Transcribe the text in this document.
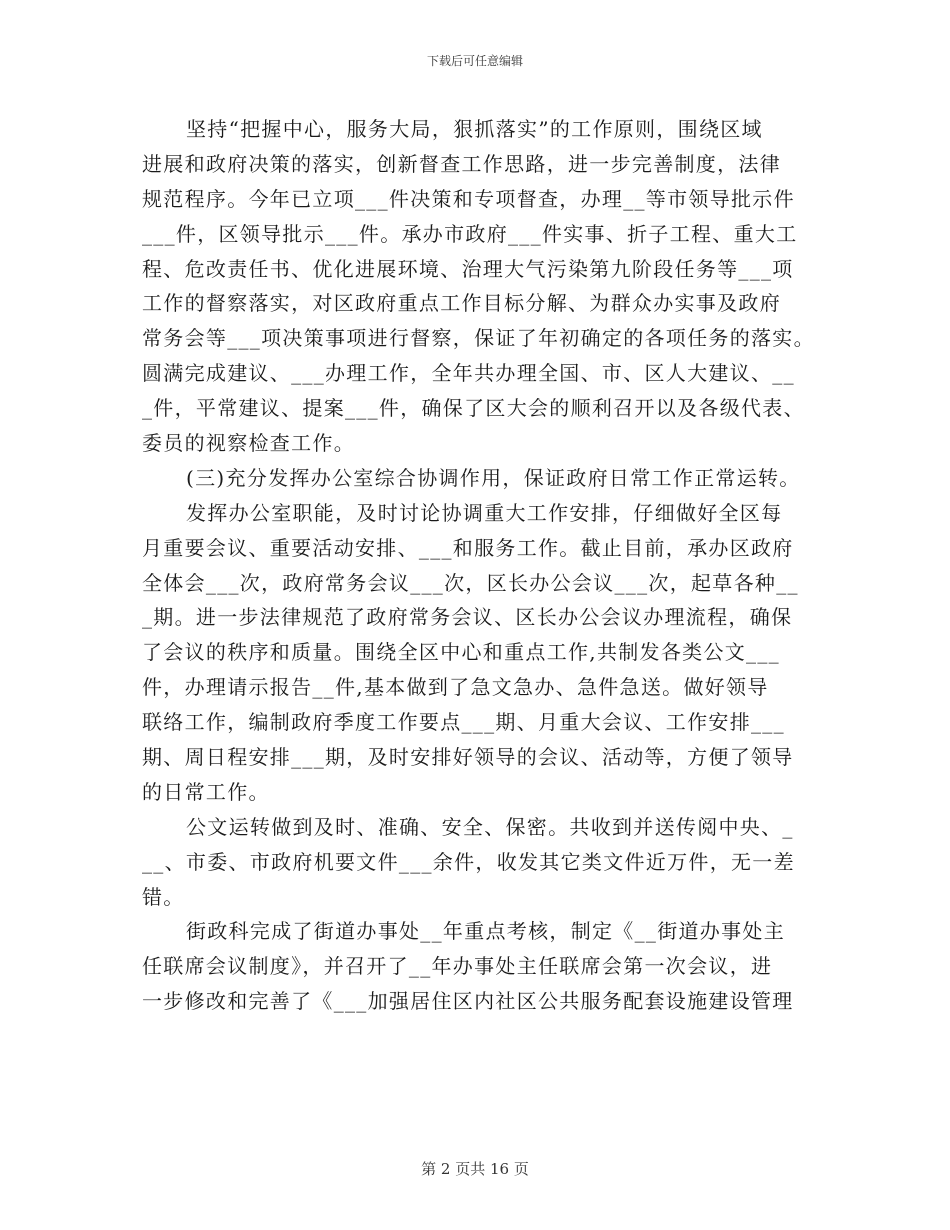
下载后可任意编辑
坚持“把握中心，服务大局，狠抓落实”的工作原则，围绕区域
进展和政府决策的落实，创新督查工作思路，进一步完善制度，法律
规范程序。今年已立项___件决策和专项督查，办理__等市领导批示件
___件，区领导批示___件。承办市政府___件实事、折子工程、重大工
程、危改责任书、优化进展环境、治理大气污染第九阶段任务等___项
工作的督察落实，对区政府重点工作目标分解、为群众办实事及政府
常务会等___项决策事项进行督察，保证了年初确定的各项任务的落实。
圆满完成建议、___办理工作，全年共办理全国、市、区人大建议、__
_件，平常建议、提案___件，确保了区大会的顺利召开以及各级代表、
委员的视察检查工作。
(三)充分发挥办公室综合协调作用，保证政府日常工作正常运转。
发挥办公室职能，及时讨论协调重大工作安排，仔细做好全区每
月重要会议、重要活动安排、___和服务工作。截止目前，承办区政府
全体会___次，政府常务会议___次，区长办公会议___次，起草各种__
_期。进一步法律规范了政府常务会议、区长办公会议办理流程，确保
了会议的秩序和质量。围绕全区中心和重点工作,共制发各类公文___
件，办理请示报告__件,基本做到了急文急办、急件急送。做好领导
联络工作，编制政府季度工作要点___期、月重大会议、工作安排___
期、周日程安排___期，及时安排好领导的会议、活动等，方便了领导
的日常工作。
公文运转做到及时、准确、安全、保密。共收到并送传阅中央、_
__、市委、市政府机要文件___余件，收发其它类文件近万件，无一差
错。
街政科完成了街道办事处__年重点考核，制定《__街道办事处主
任联席会议制度》，并召开了__年办事处主任联席会第一次会议，进
一步修改和完善了《___加强居住区内社区公共服务配套设施建设管理
第 2 页共 16 页
